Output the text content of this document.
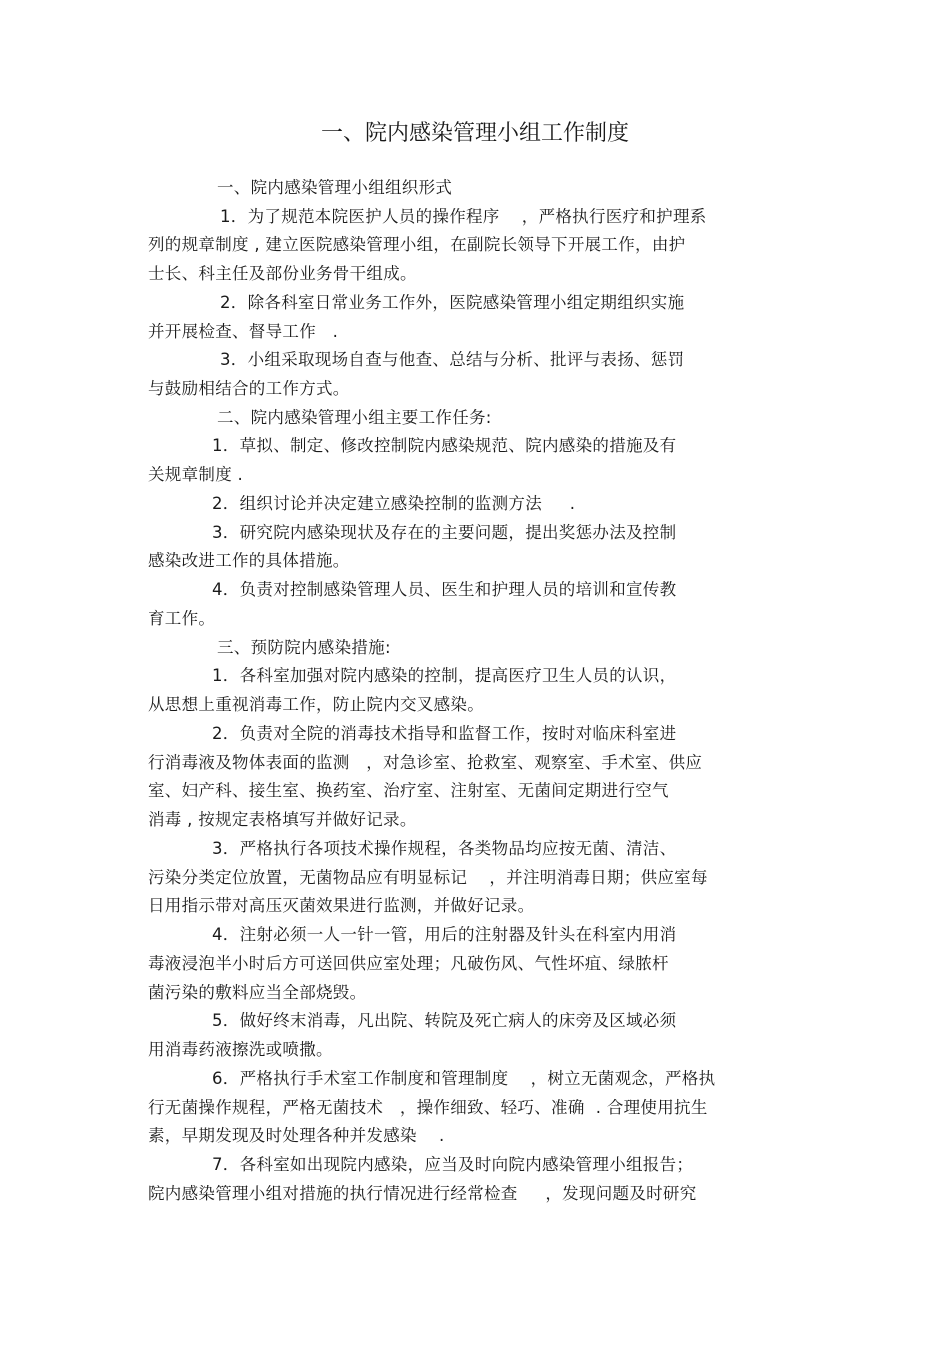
一、院内感染管理小组工作制度
一、院内感染管理小组组织形式
1．为了规范本院医护人员的操作程序    ，严格执行医疗和护理系
列的规章制度 , 建立医院感染管理小组，在副院长领导下开展工作，由护
士长、科主任及部份业务骨干组成。
2．除各科室日常业务工作外，医院感染管理小组定期组织实施
并开展检查、督导工作   .
3．小组采取现场自查与他查、总结与分析、批评与表扬、惩罚
与鼓励相结合的工作方式。
二、院内感染管理小组主要工作任务:
1．草拟、制定、修改控制院内感染规范、院内感染的措施及有
关规章制度 .
2．组织讨论并决定建立感染控制的监测方法     .
3．研究院内感染现状及存在的主要问题，提出奖惩办法及控制
感染改进工作的具体措施。
4．负责对控制感染管理人员、医生和护理人员的培训和宣传教
育工作。
三、预防院内感染措施:
1．各科室加强对院内感染的控制，提高医疗卫生人员的认识，
从思想上重视消毒工作，防止院内交叉感染。
2．负责对全院的消毒技术指导和监督工作，按时对临床科室进
行消毒液及物体表面的监测   ，对急诊室、抢救室、观察室、手术室、供应
室、妇产科、接生室、换药室、治疗室、注射室、无菌间定期进行空气
消毒 , 按规定表格填写并做好记录。
3．严格执行各项技术操作规程，各类物品均应按无菌、清洁、
污染分类定位放置，无菌物品应有明显标记    ，并注明消毒日期；供应室每
日用指示带对高压灭菌效果进行监测，并做好记录。
4．注射必须一人一针一管，用后的注射器及针头在科室内用消
毒液浸泡半小时后方可送回供应室处理；凡破伤风、气性坏疽、绿脓杆
菌污染的敷料应当全部烧毁。
5．做好终末消毒，凡出院、转院及死亡病人的床旁及区域必须
用消毒药液擦洗或喷撒。
6．严格执行手术室工作制度和管理制度    ，树立无菌观念，严格执
行无菌操作规程，严格无菌技术   ，操作细致、轻巧、准确  . 合理使用抗生
素，早期发现及时处理各种并发感染    .
7．各科室如出现院内感染，应当及时向院内感染管理小组报告；
院内感染管理小组对措施的执行情况进行经常检查     ，发现问题及时研究
